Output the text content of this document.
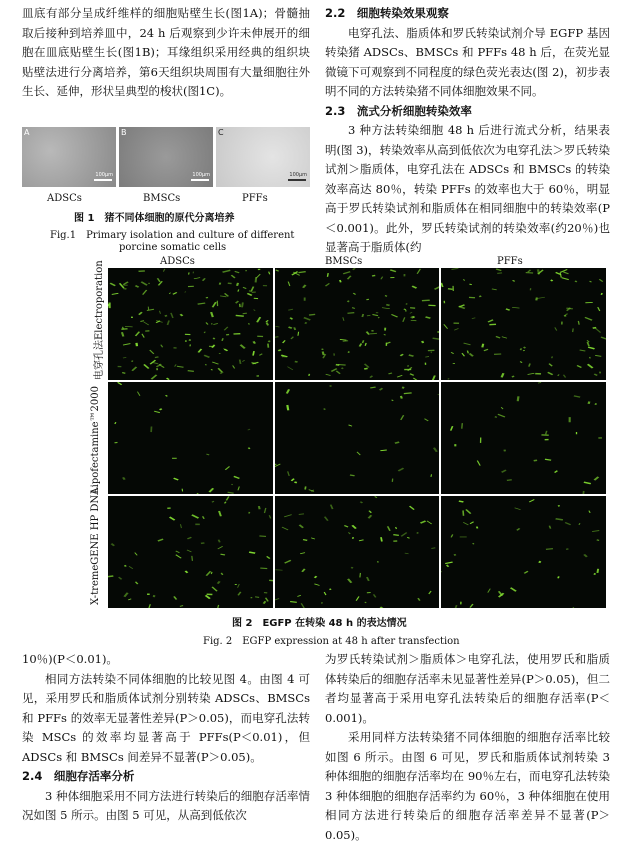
皿底有部分呈成纤维样的细胞贴壁生长(图1A)；骨髓抽取后接种到培养皿中，24 h 后观察到少许未伸展开的细胞在皿底贴壁生长(图1B)；耳缘组织采用经典的组织块贴壁法进行分离培养，第6天组织块周围有大量细胞往外生长、延伸，形状呈典型的梭状(图1C)。

A
100μm
B
100μm
C
100μm
ADSCs	BMSCs	PFFs
图 1　猪不同体细胞的原代分离培养
Fig.1　Primary isolation and culture of different
porcine somatic cells

2.2　细胞转染效果观察

电穿孔法、脂质体和罗氏转染试剂介导 EGFP 基因转染猪 ADSCs、BMSCs 和 PFFs 48 h 后，在荧光显微镜下可观察到不同程度的绿色荧光表达(图 2)，初步表明不同的方法转染猪不同体细胞效果不同。

2.3　流式分析细胞转染效率

3 种方法转染细胞 48 h 后进行流式分析，结果表明(图 3)，转染效率从高到低依次为电穿孔法＞罗氏转染试剂＞脂质体，电穿孔法在 ADSCs 和 BMSCs 的转染效率高达 80％，转染 PFFs 的效率也大于 60％，明显高于罗氏转染试剂和脂质体在相同细胞中的转染效率(P＜0.001)。此外，罗氏转染试剂的转染效率(约20％)也显著高于脂质体(约

ADSCs	BMSCs	PFFs
电穿孔法Electroporation
Lipofectamine™2000
X-tremeGENE HP DNA
图 2　EGFP 在转染 48 h 的表达情况
Fig. 2　EGFP expression at 48 h after transfection

10％)(P＜0.01)。

相同方法转染不同体细胞的比较见图 4。由图 4 可见，采用罗氏和脂质体试剂分别转染 ADSCs、BMSCs 和 PFFs 的效率无显著性差异(P＞0.05)，而电穿孔法转染 MSCs 的效率均显著高于 PFFs(P＜0.01)，但 ADSCs 和 BMSCs 间差异不显著(P＞0.05)。

2.4　细胞存活率分析

3 种体细胞采用不同方法进行转染后的细胞存活率情况如图 5 所示。由图 5 可见，从高到低依次

为罗氏转染试剂＞脂质体＞电穿孔法，使用罗氏和脂质体转染后的细胞存活率未见显著性差异(P＞0.05)，但二者均显著高于采用电穿孔法转染后的细胞存活率(P＜0.001)。

采用同样方法转染猪不同体细胞的细胞存活率比较如图 6 所示。由图 6 可见，罗氏和脂质体试剂转染 3 种体细胞的细胞存活率均在 90％左右，而电穿孔法转染 3 种体细胞的细胞存活率约为 60％，3 种体细胞在使用相同方法进行转染后的细胞存活率差异不显著(P＞0.05)。
